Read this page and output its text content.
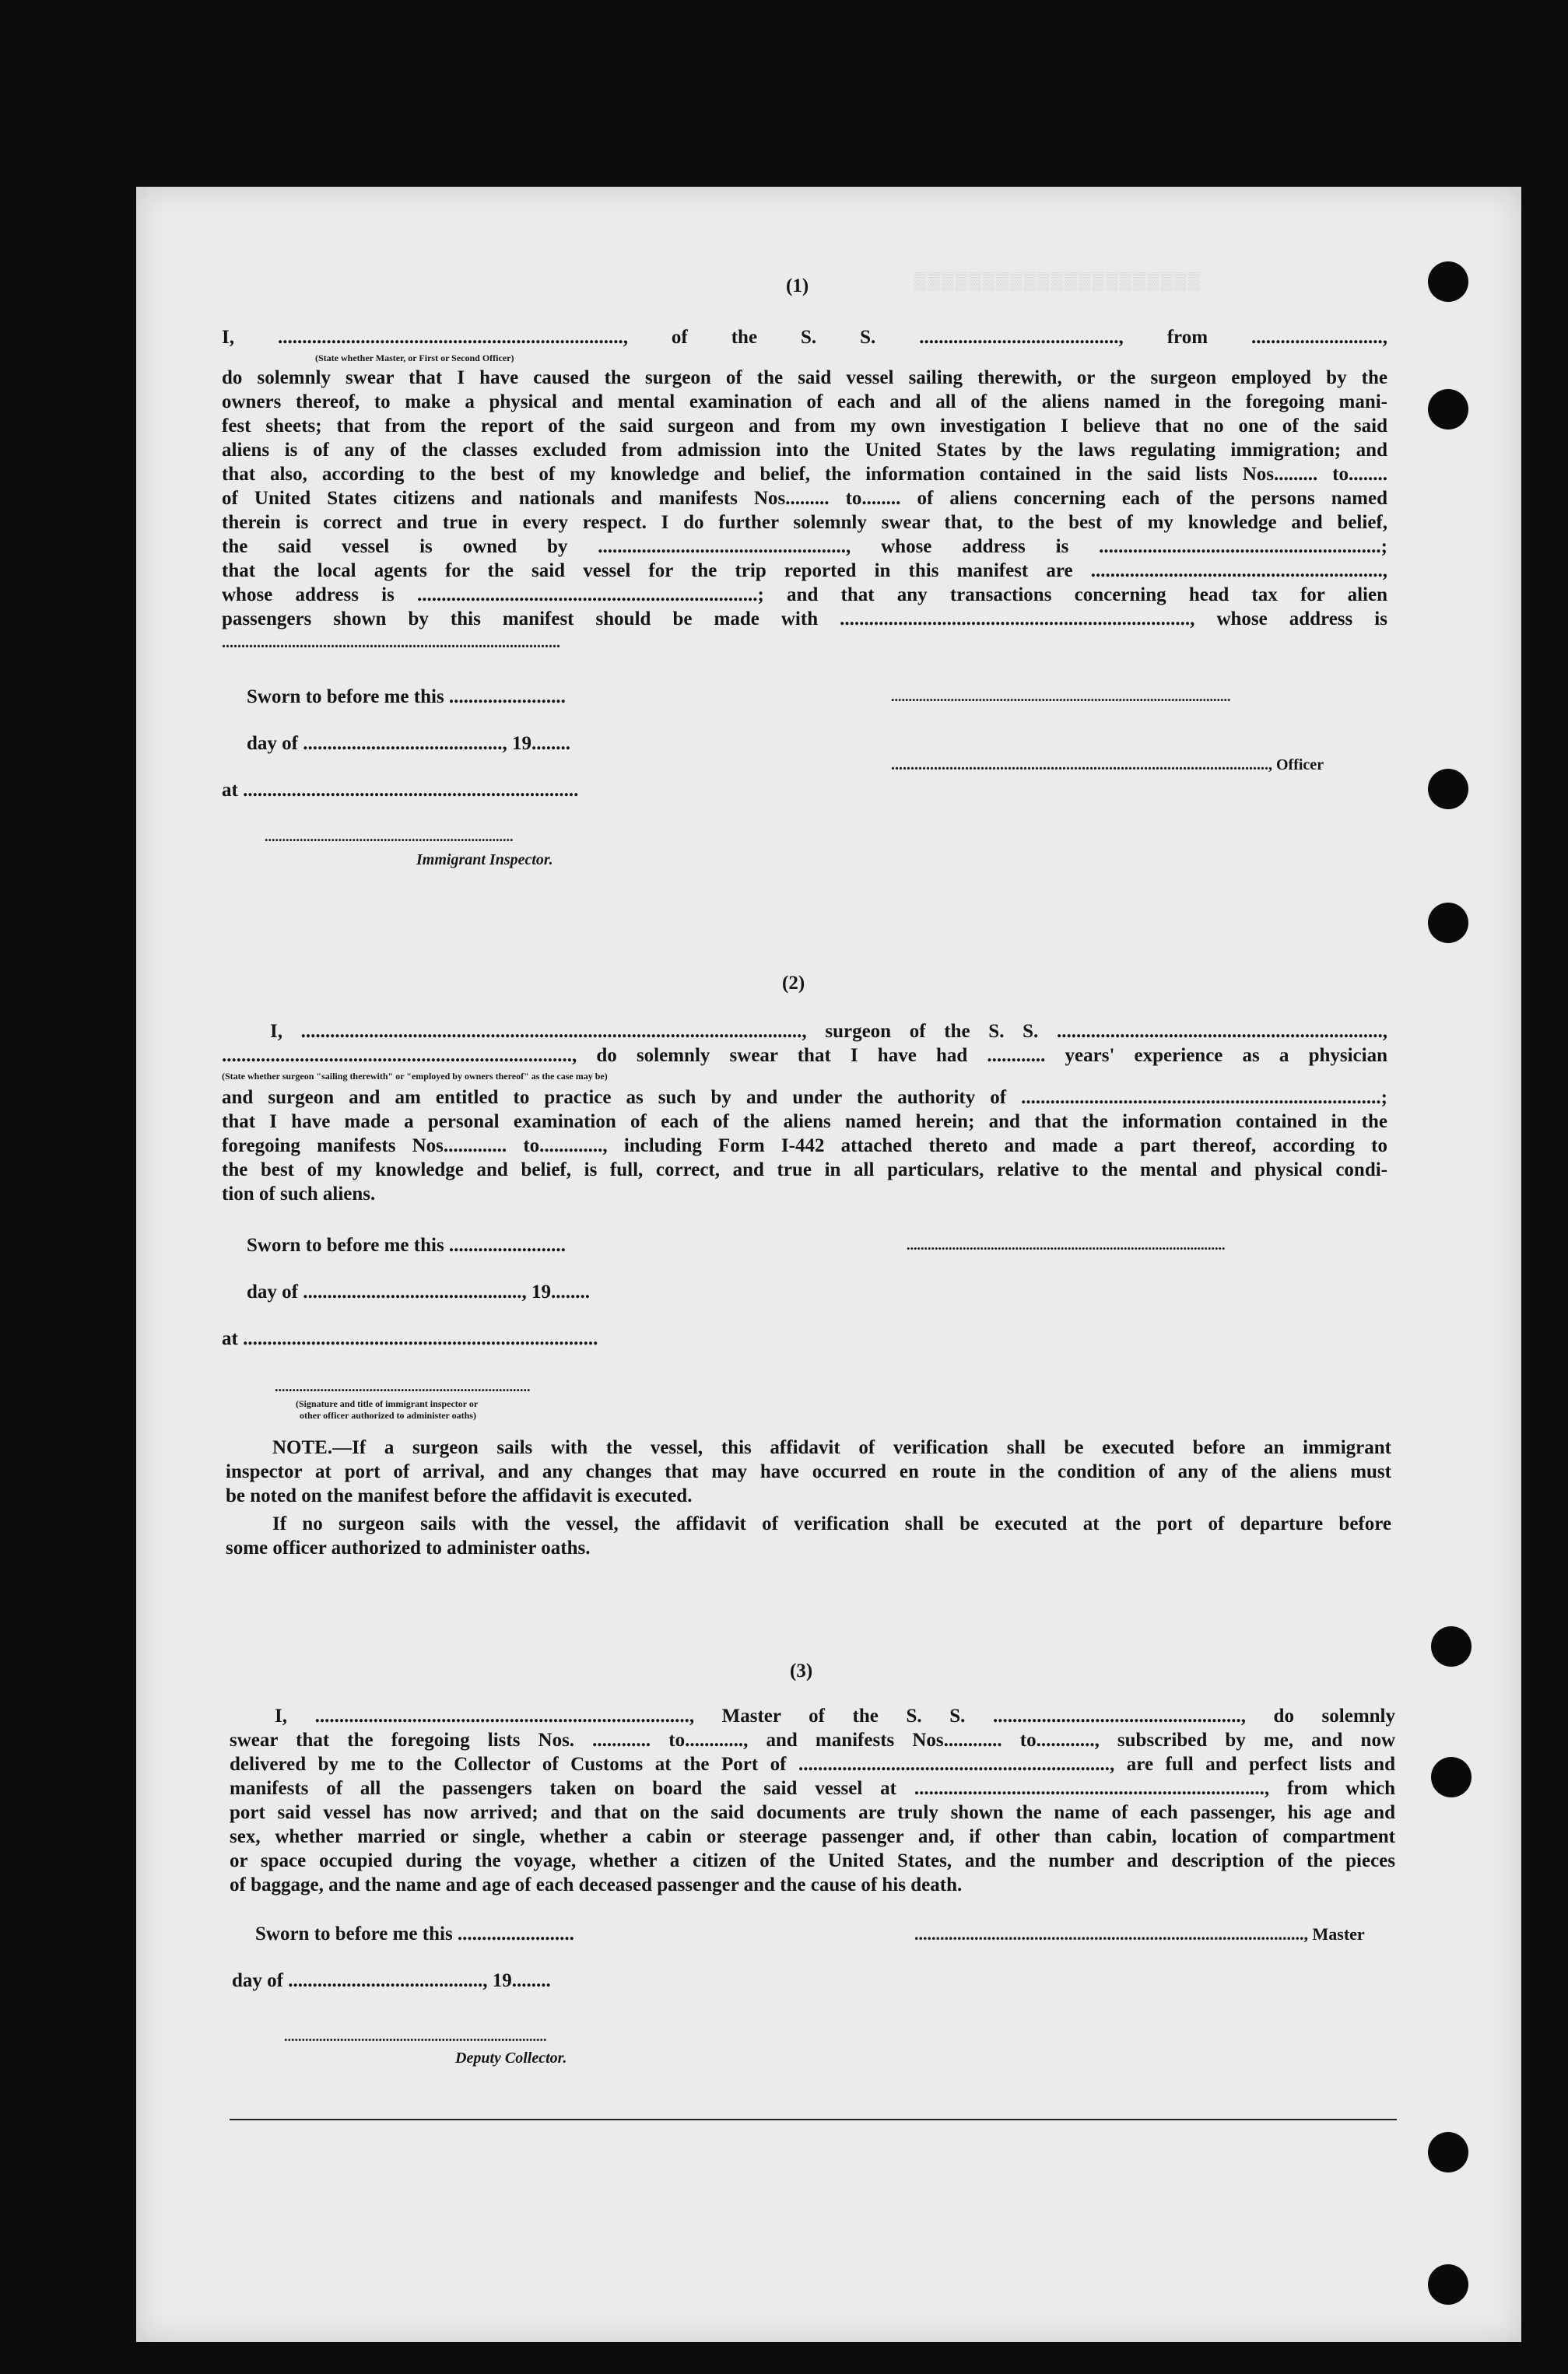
▒▒▒▒▒▒▒▒▒▒▒▒▒▒▒▒▒▒▒▒▒
(1)
I, ......................................................................., of the S. S. ........................................., from ...........................,
(State whether Master, or First or Second Officer)
do solemnly swear that I have caused the surgeon of the said vessel sailing therewith, or the surgeon employed by the
owners thereof, to make a physical and mental examination of each and all of the aliens named in the foregoing mani-
fest sheets; that from the report of the said surgeon and from my own investigation I believe that no one of the said
aliens is of any of the classes excluded from admission into the United States by the laws regulating immigration; and
that also, according to the best of my knowledge and belief, the information contained in the said lists Nos......... to........
of United States citizens and nationals and manifests Nos......... to........ of aliens concerning each of the persons named
therein is correct and true in every respect. I do further solemnly swear that, to the best of my knowledge and belief,
the said vessel is owned by ..................................................., whose address is ..........................................................;
that the local agents for the said vessel for the trip reported in this manifest are ............................................................,
whose address is ......................................................................; and that any transactions concerning head tax for alien
passengers shown by this manifest should be made with ........................................................................, whose address is
.......................................................................................
Sworn to before me this ........................
day of ........................................., 19........
at .....................................................................
.......................................................................
Immigrant Inspector.
.................................................................................................
................................................................................................., Officer
(2)
I, ......................................................................................................., surgeon of the S. S. ...................................................................,
........................................................................, do solemnly swear that I have had ............ years' experience as a physician
(State whether surgeon "sailing therewith" or "employed by owners thereof" as the case may be)
and surgeon and am entitled to practice as such by and under the authority of ..........................................................................;
that I have made a personal examination of each of the aliens named herein; and that the information contained in the
foregoing manifests Nos............. to............., including Form I-442 attached thereto and made a part thereof, according to
the best of my knowledge and belief, is full, correct, and true in all particulars, relative to the mental and physical condi-
tion of such aliens.
Sworn to before me this ........................
day of ............................................., 19........
at .........................................................................
...........................................................................................
.........................................................................
(Signature and title of immigrant inspector or
other officer authorized to administer oaths)
NOTE.—If a surgeon sails with the vessel, this affidavit of verification shall be executed before an immigrant
inspector at port of arrival, and any changes that may have occurred en route in the condition of any of the aliens must
be noted on the manifest before the affidavit is executed.
If no surgeon sails with the vessel, the affidavit of verification shall be executed at the port of departure before
some officer authorized to administer oaths.
(3)
I, ............................................................................., Master of the S. S. ..................................................., do solemnly
swear that the foregoing lists Nos. ............ to............, and manifests Nos............ to............, subscribed by me, and now
delivered by me to the Collector of Customs at the Port of ................................................................, are full and perfect lists and
manifests of all the passengers taken on board the said vessel at ........................................................................, from which
port said vessel has now arrived; and that on the said documents are truly shown the name of each passenger, his age and
sex, whether married or single, whether a cabin or steerage passenger and, if other than cabin, location of compartment
or space occupied during the voyage, whether a citizen of the United States, and the number and description of the pieces
of baggage, and the name and age of each deceased passenger and the cause of his death.
Sworn to before me this ........................	..........................................................................................., Master
day of ........................................, 19........
...........................................................................
Deputy Collector.
